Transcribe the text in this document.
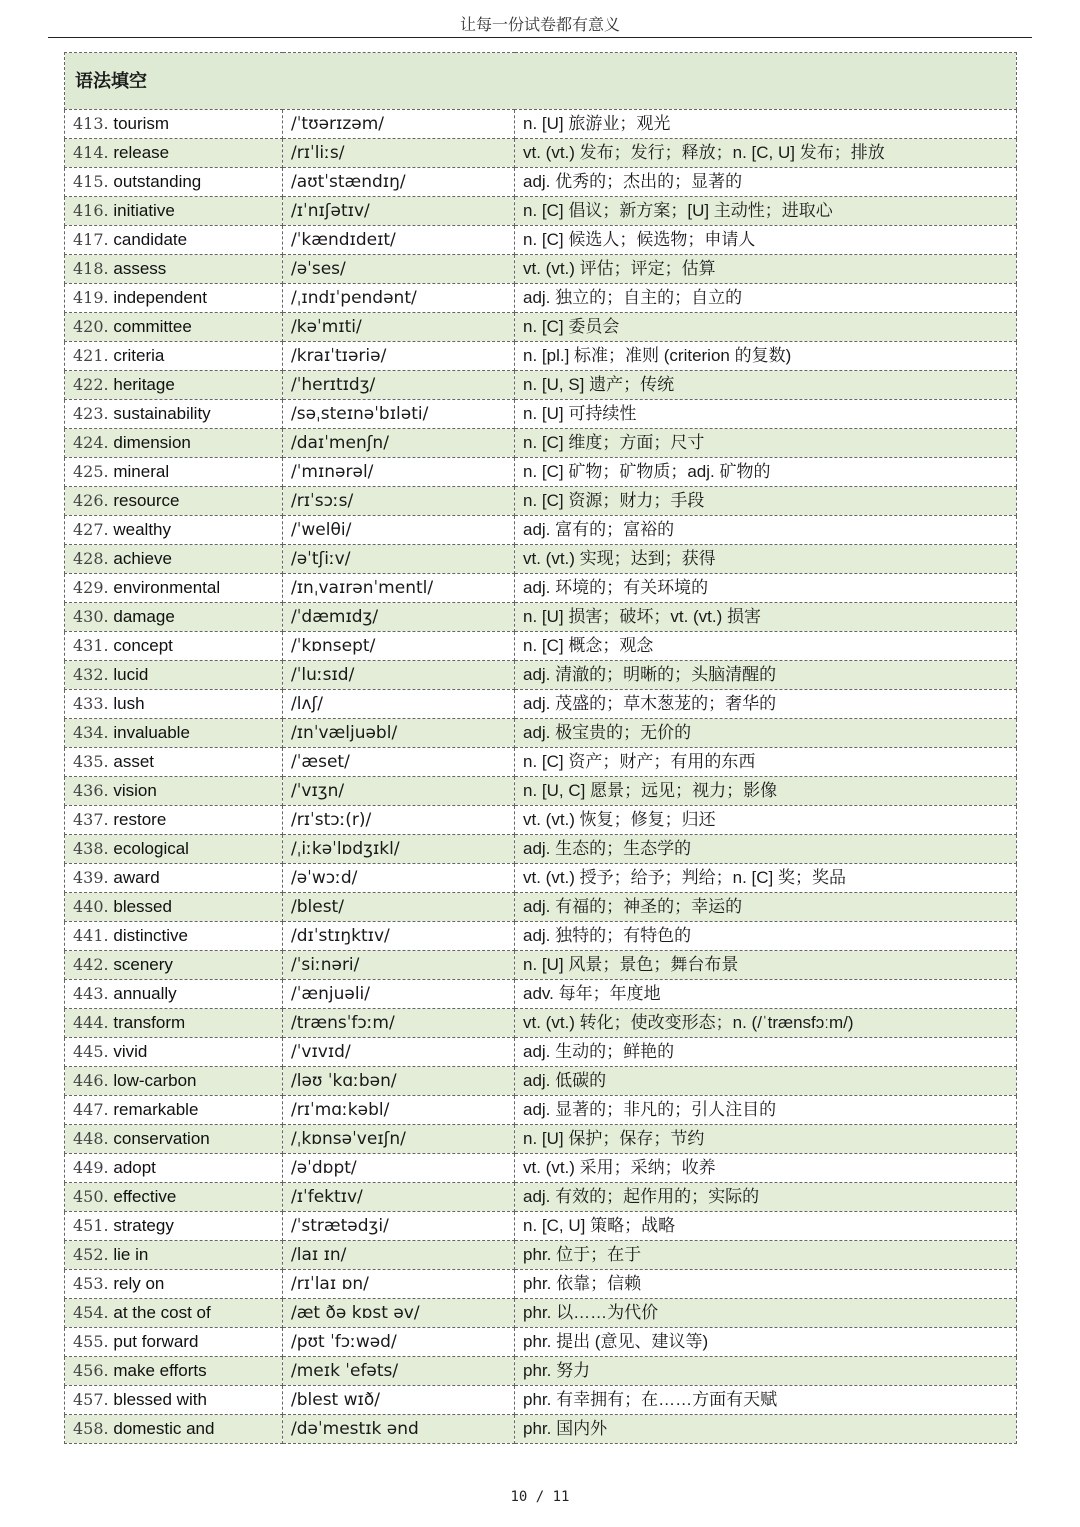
让每一份试卷都有意义
语法填空		
413. tourism	/ˈtʊərɪzəm/	n. [U] 旅游业；观光
414. release	/rɪˈliːs/	vt. (vt.) 发布；发行；释放；n. [C, U] 发布；排放
415. outstanding	/aʊtˈstændɪŋ/	adj. 优秀的；杰出的；显著的
416. initiative	/ɪˈnɪʃətɪv/	n. [C] 倡议；新方案；[U] 主动性；进取心
417. candidate	/ˈkændɪdeɪt/	n. [C] 候选人；候选物；申请人
418. assess	/əˈses/	vt. (vt.) 评估；评定；估算
419. independent	/ˌɪndɪˈpendənt/	adj. 独立的；自主的；自立的
420. committee	/kəˈmɪti/	n. [C] 委员会
421. criteria	/kraɪˈtɪəriə/	n. [pl.] 标准；准则 (criterion 的复数)
422. heritage	/ˈherɪtɪdʒ/	n. [U, S] 遗产；传统
423. sustainability	/səˌsteɪnəˈbɪləti/	n. [U] 可持续性
424. dimension	/daɪˈmenʃn/	n. [C] 维度；方面；尺寸
425. mineral	/ˈmɪnərəl/	n. [C] 矿物；矿物质；adj. 矿物的
426. resource	/rɪˈsɔːs/	n. [C] 资源；财力；手段
427. wealthy	/ˈwelθi/	adj. 富有的；富裕的
428. achieve	/əˈtʃiːv/	vt. (vt.) 实现；达到；获得
429. environmental	/ɪnˌvaɪrənˈmentl/	adj. 环境的；有关环境的
430. damage	/ˈdæmɪdʒ/	n. [U] 损害；破坏；vt. (vt.) 损害
431. concept	/ˈkɒnsept/	n. [C] 概念；观念
432. lucid	/ˈluːsɪd/	adj. 清澈的；明晰的；头脑清醒的
433. lush	/lʌʃ/	adj. 茂盛的；草木葱茏的；奢华的
434. invaluable	/ɪnˈvæljuəbl/	adj. 极宝贵的；无价的
435. asset	/ˈæset/	n. [C] 资产；财产；有用的东西
436. vision	/ˈvɪʒn/	n. [U, C] 愿景；远见；视力；影像
437. restore	/rɪˈstɔː(r)/	vt. (vt.) 恢复；修复；归还
438. ecological	/ˌiːkəˈlɒdʒɪkl/	adj. 生态的；生态学的
439. award	/əˈwɔːd/	vt. (vt.) 授予；给予；判给；n. [C] 奖；奖品
440. blessed	/blest/	adj. 有福的；神圣的；幸运的
441. distinctive	/dɪˈstɪŋktɪv/	adj. 独特的；有特色的
442. scenery	/ˈsiːnəri/	n. [U] 风景；景色；舞台布景
443. annually	/ˈænjuəli/	adv. 每年；年度地
444. transform	/trænsˈfɔːm/	vt. (vt.) 转化；使改变形态；n. (/ˈtrænsfɔːm/)
445. vivid	/ˈvɪvɪd/	adj. 生动的；鲜艳的
446. low-carbon	/ləʊ ˈkɑːbən/	adj. 低碳的
447. remarkable	/rɪˈmɑːkəbl/	adj. 显著的；非凡的；引人注目的
448. conservation	/ˌkɒnsəˈveɪʃn/	n. [U] 保护；保存；节约
449. adopt	/əˈdɒpt/	vt. (vt.) 采用；采纳；收养
450. effective	/ɪˈfektɪv/	adj. 有效的；起作用的；实际的
451. strategy	/ˈstrætədʒi/	n. [C, U] 策略；战略
452. lie in	/laɪ ɪn/	phr. 位于；在于
453. rely on	/rɪˈlaɪ ɒn/	phr. 依靠；信赖
454. at the cost of	/æt ðə kɒst əv/	phr. 以……为代价
455. put forward	/pʊt ˈfɔːwəd/	phr. 提出 (意见、建议等)
456. make efforts	/meɪk ˈefəts/	phr. 努力
457. blessed with	/blest wɪð/	phr. 有幸拥有；在……方面有天赋
458. domestic and	/dəˈmestɪk ənd	phr. 国内外
10 / 11
